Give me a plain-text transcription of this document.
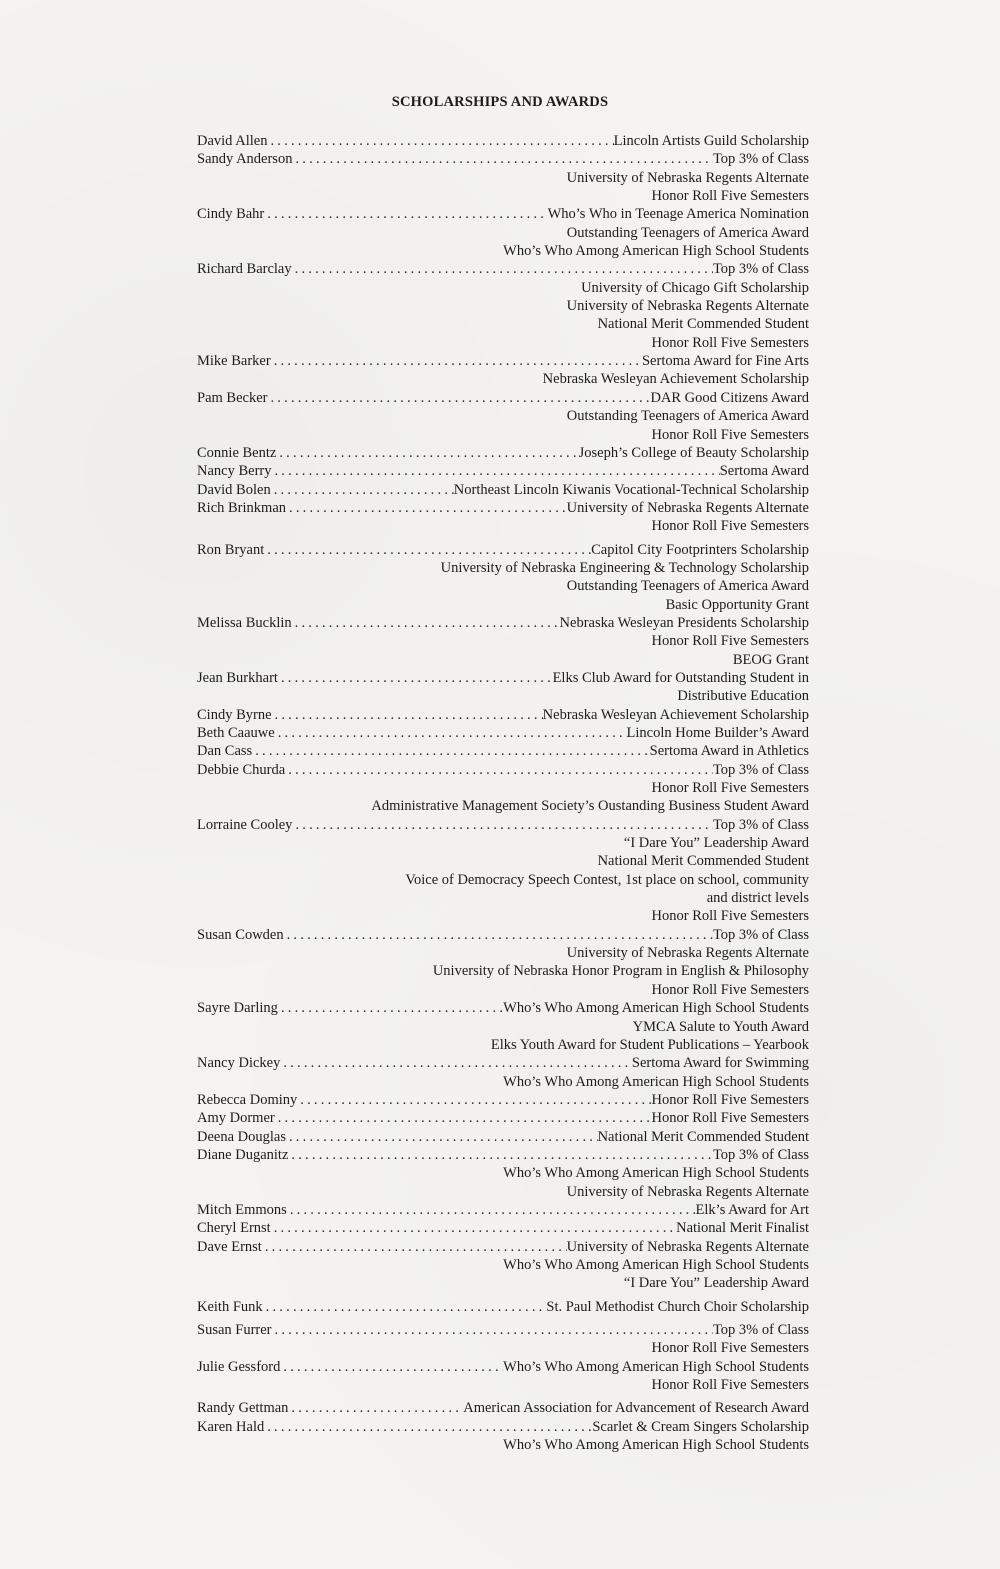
SCHOLARSHIPS AND AWARDS
David Allen .....	Lincoln Artists Guild Scholarship
Sandy Anderson .....	Top 3% of Class
University of Nebraska Regents Alternate
Honor Roll Five Semesters
Cindy Bahr .....	Who’s Who in Teenage America Nomination
Outstanding Teenagers of America Award
Who’s Who Among American High School Students
Richard Barclay .....	Top 3% of Class
University of Chicago Gift Scholarship
University of Nebraska Regents Alternate
National Merit Commended Student
Honor Roll Five Semesters
Mike Barker .....	Sertoma Award for Fine Arts
Nebraska Wesleyan Achievement Scholarship
Pam Becker .....	DAR Good Citizens Award
Outstanding Teenagers of America Award
Honor Roll Five Semesters
Connie Bentz .....	Joseph’s College of Beauty Scholarship
Nancy Berry .....	Sertoma Award
David Bolen .....	Northeast Lincoln Kiwanis Vocational-Technical Scholarship
Rich Brinkman .....	University of Nebraska Regents Alternate
Honor Roll Five Semesters
Ron Bryant .....	Capitol City Footprinters Scholarship
University of Nebraska Engineering & Technology Scholarship
Outstanding Teenagers of America Award
Basic Opportunity Grant
Melissa Bucklin .....	Nebraska Wesleyan Presidents Scholarship
Honor Roll Five Semesters
BEOG Grant
Jean Burkhart .....	Elks Club Award for Outstanding Student in
Distributive Education
Cindy Byrne .....	Nebraska Wesleyan Achievement Scholarship
Beth Caauwe .....	Lincoln Home Builder’s Award
Dan Cass .....	Sertoma Award in Athletics
Debbie Churda .....	Top 3% of Class
Honor Roll Five Semesters
Administrative Management Society’s Oustanding Business Student Award
Lorraine Cooley .....	Top 3% of Class
“I Dare You” Leadership Award
National Merit Commended Student
Voice of Democracy Speech Contest, 1st place on school, community
and district levels
Honor Roll Five Semesters
Susan Cowden .....	Top 3% of Class
University of Nebraska Regents Alternate
University of Nebraska Honor Program in English & Philosophy
Honor Roll Five Semesters
Sayre Darling .....	Who’s Who Among American High School Students
YMCA Salute to Youth Award
Elks Youth Award for Student Publications – Yearbook
Nancy Dickey .....	Sertoma Award for Swimming
Who’s Who Among American High School Students
Rebecca Dominy .....	Honor Roll Five Semesters
Amy Dormer .....	Honor Roll Five Semesters
Deena Douglas .....	National Merit Commended Student
Diane Duganitz .....	Top 3% of Class
Who’s Who Among American High School Students
University of Nebraska Regents Alternate
Mitch Emmons .....	Elk’s Award for Art
Cheryl Ernst .....	National Merit Finalist
Dave Ernst .....	University of Nebraska Regents Alternate
Who’s Who Among American High School Students
“I Dare You” Leadership Award
Keith Funk .....	St. Paul Methodist Church Choir Scholarship
Susan Furrer .....	Top 3% of Class
Honor Roll Five Semesters
Julie Gessford .....	Who’s Who Among American High School Students
Honor Roll Five Semesters
Randy Gettman .....	American Association for Advancement of Research Award
Karen Hald .....	Scarlet & Cream Singers Scholarship
Who’s Who Among American High School Students
